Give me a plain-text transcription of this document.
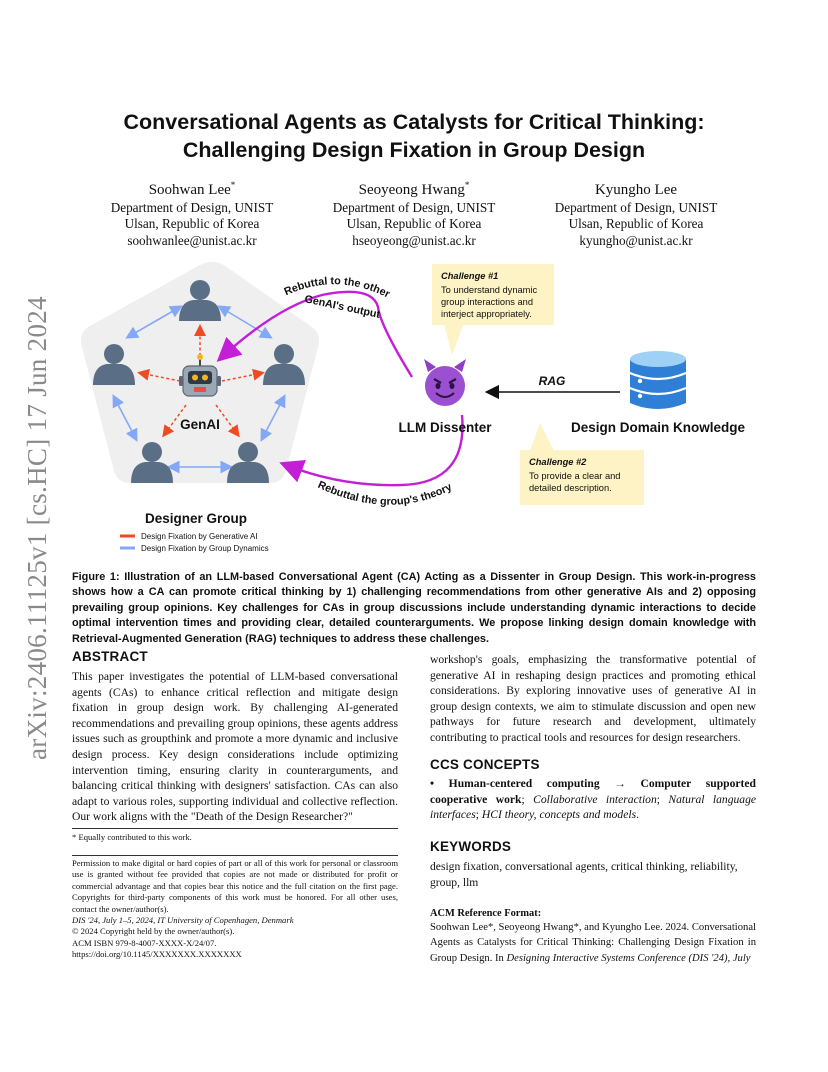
arXiv:2406.11125v1 [cs.HC] 17 Jun 2024
Conversational Agents as Catalysts for Critical Thinking:
Challenging Design Fixation in Group Design
Soohwan Lee*
Department of Design, UNIST
Ulsan, Republic of Korea
soohwanlee@unist.ac.kr
Seoyeong Hwang*
Department of Design, UNIST
Ulsan, Republic of Korea
hseoyeong@unist.ac.kr
Kyungho Lee
Department of Design, UNIST
Ulsan, Republic of Korea
kyungho@unist.ac.kr
GenAI
Designer Group
Design Fixation by Generative AI
Design Fixation by Group Dynamics
Rebuttal to the other
GenAI's output
Rebuttal the group's theory
LLM Dissenter
RAG
Design Domain Knowledge
Challenge #1
To understand dynamic group interactions and interject appropriately.
Challenge #2
To provide a clear and detailed description.
Figure 1: Illustration of an LLM-based Conversational Agent (CA) Acting as a Dissenter in Group Design. This work-in-progress shows how a CA can promote critical thinking by 1) challenging recommendations from other generative AIs and 2) opposing prevailing group opinions. Key challenges for CAs in group discussions include understanding dynamic interactions to decide optimal intervention times and providing clear, detailed counterarguments. We propose linking design domain knowledge with Retrieval-Augmented Generation (RAG) techniques to address these challenges.
ABSTRACT
This paper investigates the potential of LLM-based conversational agents (CAs) to enhance critical reflection and mitigate design fixation in group design work. By challenging AI-generated recommendations and prevailing group opinions, these agents address issues such as groupthink and promote a more dynamic and inclusive design process. Key design considerations include optimizing intervention timing, ensuring clarity in counterarguments, and balancing critical thinking with designers' satisfaction. CAs can also adapt to various roles, supporting individual and collective reflection. Our work aligns with the "Death of the Design Researcher?"
* Equally contributed to this work.
Permission to make digital or hard copies of part or all of this work for personal or classroom use is granted without fee provided that copies are not made or distributed for profit or commercial advantage and that copies bear this notice and the full citation on the first page. Copyrights for third-party components of this work must be honored. For all other uses, contact the owner/author(s).
DIS '24, July 1–5, 2024, IT University of Copenhagen, Denmark
© 2024 Copyright held by the owner/author(s).
ACM ISBN 979-8-4007-XXXX-X/24/07.
https://doi.org/10.1145/XXXXXXX.XXXXXXX
workshop's goals, emphasizing the transformative potential of generative AI in reshaping design practices and promoting ethical considerations. By exploring innovative uses of generative AI in group design contexts, we aim to stimulate discussion and open new pathways for future research and development, ultimately contributing to practical tools and resources for design researchers.
CCS CONCEPTS
• Human-centered computing → Computer supported cooperative work; Collaborative interaction; Natural language interfaces; HCI theory, concepts and models.
KEYWORDS
design fixation, conversational agents, critical thinking, reliability, group, llm
ACM Reference Format:
Soohwan Lee*, Seoyeong Hwang*, and Kyungho Lee. 2024. Conversational Agents as Catalysts for Critical Thinking: Challenging Design Fixation in Group Design. In Designing Interactive Systems Conference (DIS '24), July
